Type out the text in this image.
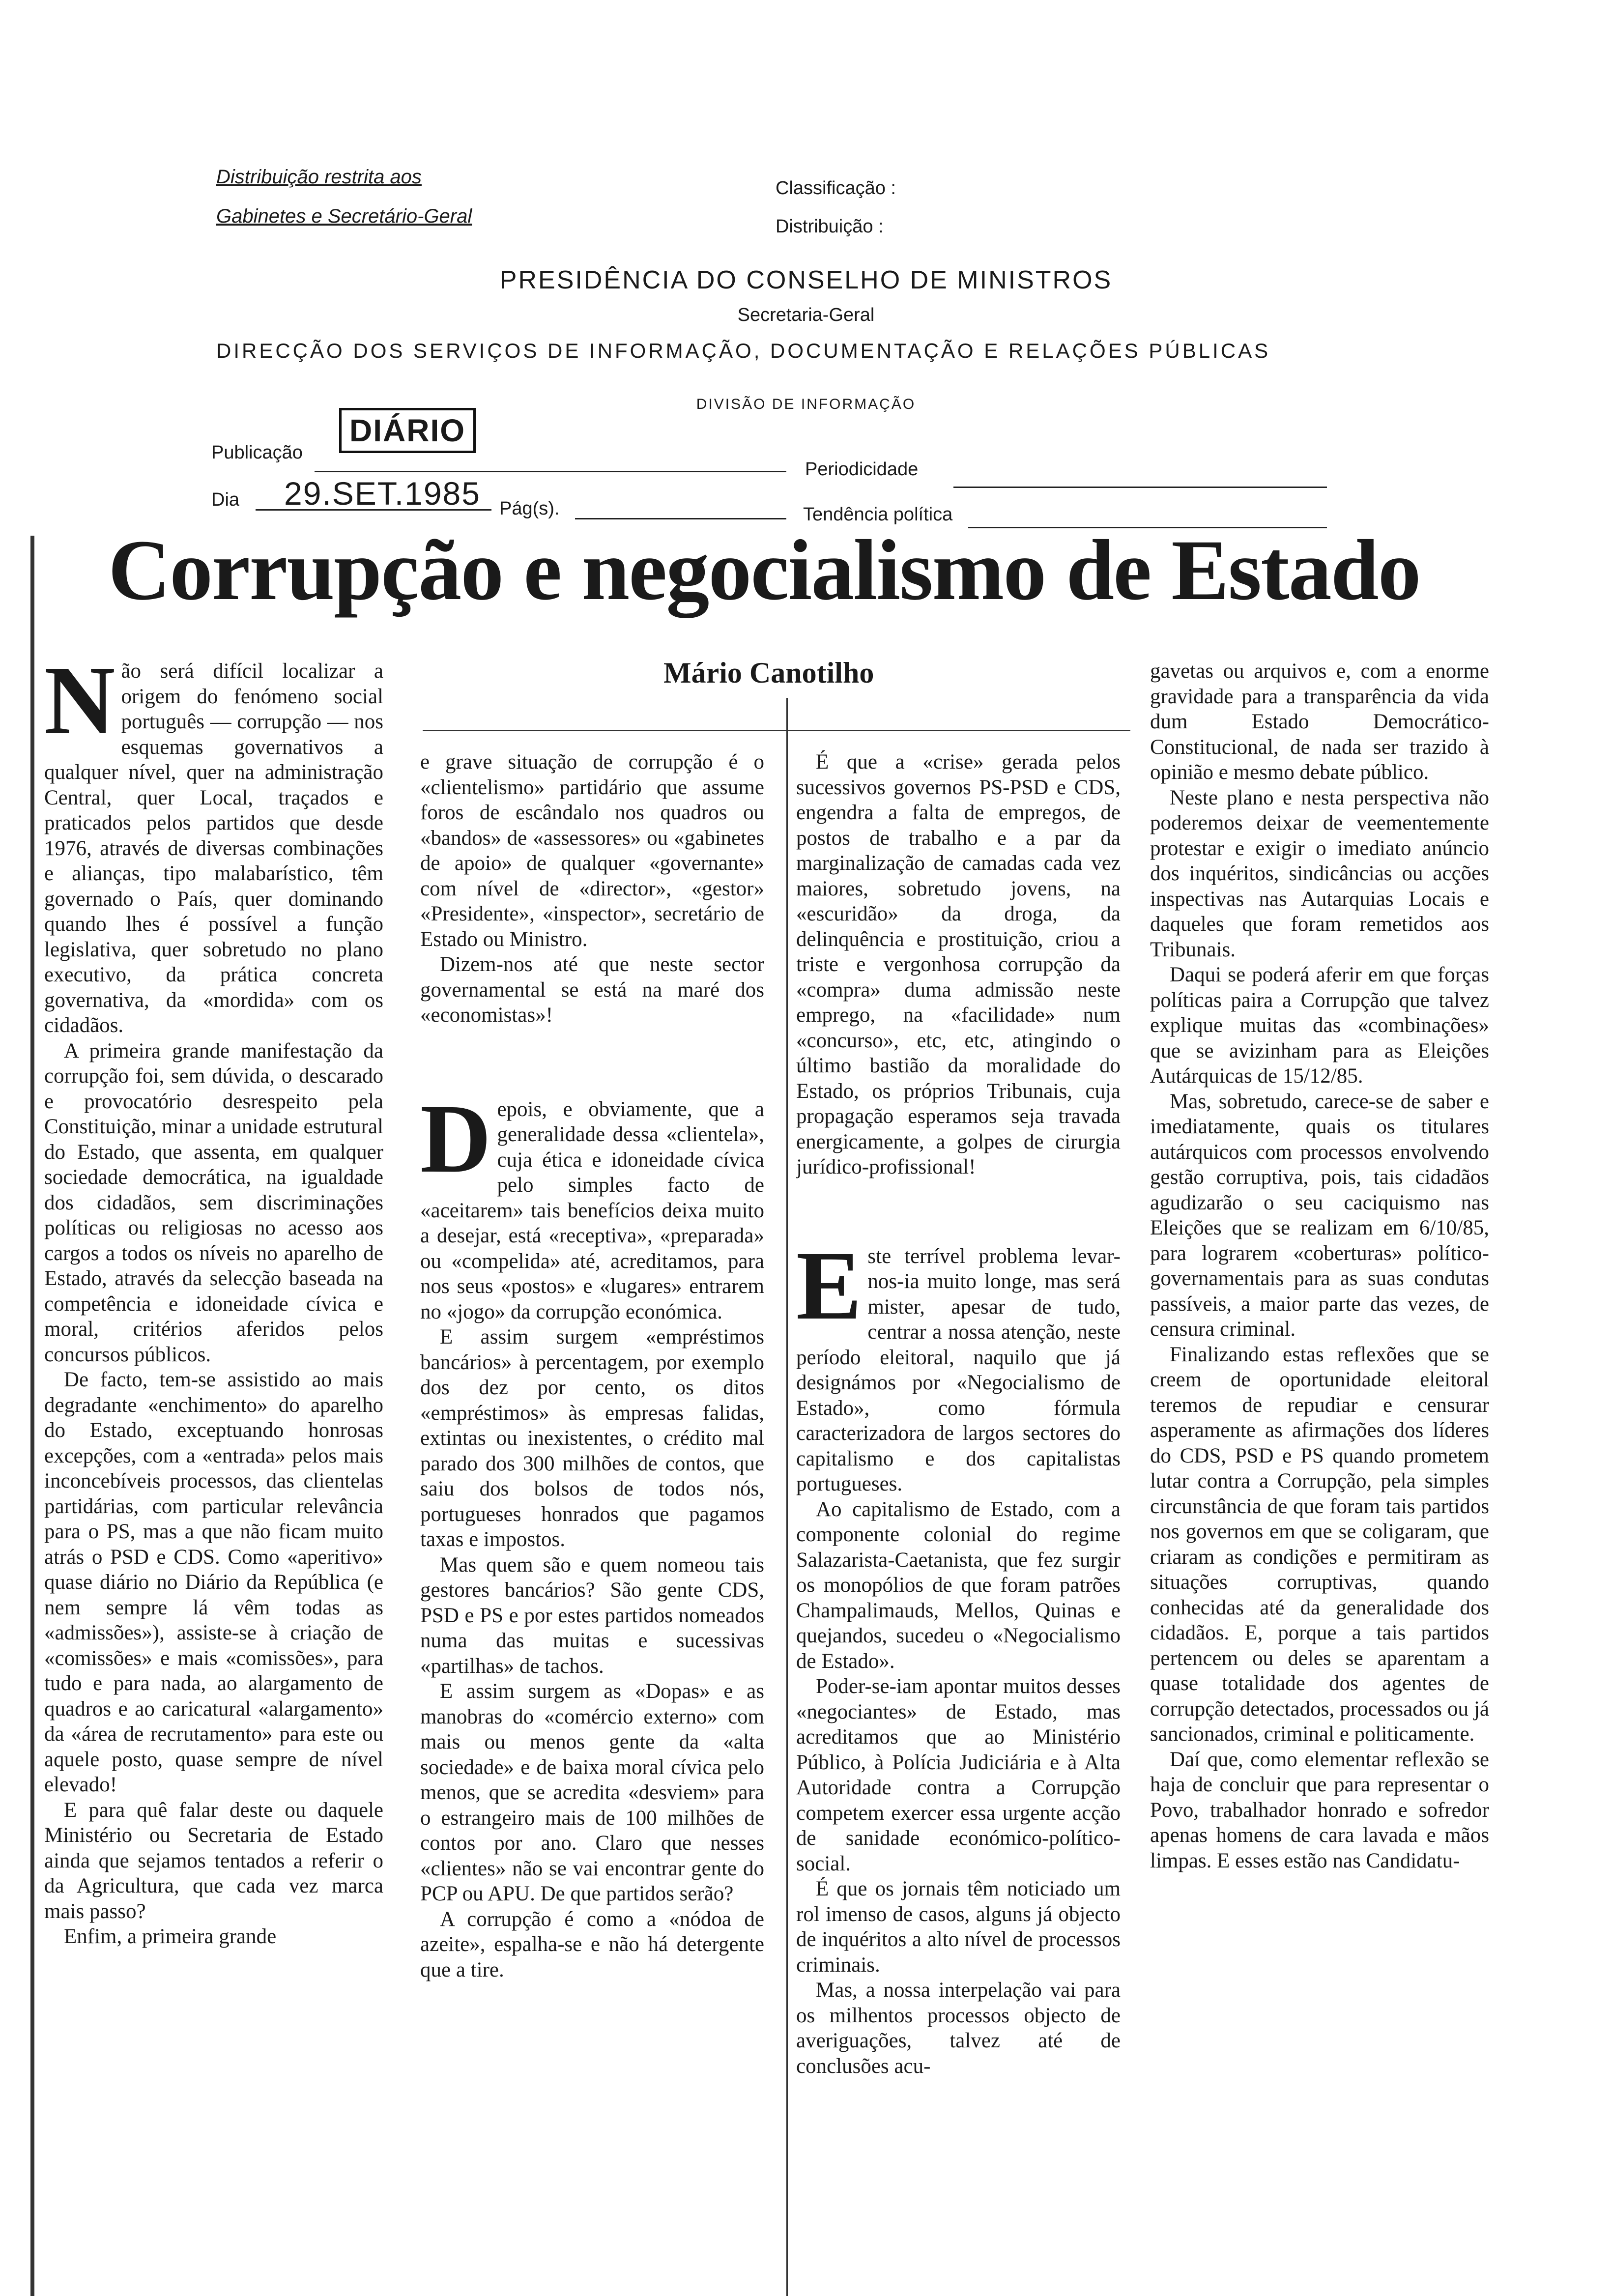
Distribuição restrita aos
Gabinetes e Secretário-Geral
Classificação :
Distribuição :
PRESIDÊNCIA DO CONSELHO DE MINISTROS
Secretaria-Geral
DIRECÇÃO DOS SERVIÇOS DE INFORMAÇÃO, DOCUMENTAÇÃO E RELAÇÕES PÚBLICAS
DIVISÃO DE INFORMAÇÃO
DIÁRIO
Publicação
Periodicidade
Dia 29.SET.1985 Pág(s).	Tendência política
Corrupção e negocialismo de Estado
Mário Canotilho

Não será difícil localizar a origem do fenómeno social português — corrupção — nos esquemas governativos a qualquer nível, quer na administração Central, quer Local, traçados e praticados pelos partidos que desde 1976, através de diversas combinações e alianças, tipo malabarístico, têm governado o País, quer dominando quando lhes é possível a função legislativa, quer sobretudo no plano executivo, da prática concreta governativa, da «mordida» com os cidadãos.

A primeira grande manifestação da corrupção foi, sem dúvida, o descarado e provocatório desrespeito pela Constituição, minar a unidade estrutural do Estado, que assenta, em qualquer sociedade democrática, na igualdade dos cidadãos, sem discriminações políticas ou religiosas no acesso aos cargos a todos os níveis no aparelho de Estado, através da selecção baseada na competência e idoneidade cívica e moral, critérios aferidos pelos concursos públicos.

De facto, tem-se assistido ao mais degradante «enchimento» do aparelho do Estado, exceptuando honrosas excepções, com a «entrada» pelos mais inconcebíveis processos, das clientelas partidárias, com particular relevância para o PS, mas a que não ficam muito atrás o PSD e CDS. Como «aperitivo» quase diário no Diário da República (e nem sempre lá vêm todas as «admissões»), assiste-se à criação de «comissões» e mais «comissões», para tudo e para nada, ao alargamento de quadros e ao caricatural «alargamento» da «área de recrutamento» para este ou aquele posto, quase sempre de nível elevado!

E para quê falar deste ou daquele Ministério ou Secretaria de Estado ainda que sejamos tentados a referir o da Agricultura, que cada vez marca mais passo?

Enfim, a primeira grande

e grave situação de corrupção é o «clientelismo» partidário que assume foros de escândalo nos quadros ou «bandos» de «assessores» ou «gabinetes de apoio» de qualquer «governante» com nível de «director», «gestor» «Presidente», «inspector», secretário de Estado ou Ministro.

Dizem-nos até que neste sector governamental se está na maré dos «economistas»!

Depois, e obviamente, que a generalidade dessa «clientela», cuja ética e idoneidade cívica pelo simples facto de «aceitarem» tais benefícios deixa muito a desejar, está «receptiva», «preparada» ou «compelida» até, acreditamos, para nos seus «postos» e «lugares» entrarem no «jogo» da corrupção económica.

E assim surgem «empréstimos bancários» à percentagem, por exemplo dos dez por cento, os ditos «empréstimos» às empresas falidas, extintas ou inexistentes, o crédito mal parado dos 300 milhões de contos, que saiu dos bolsos de todos nós, portugueses honrados que pagamos taxas e impostos.

Mas quem são e quem nomeou tais gestores bancários? São gente CDS, PSD e PS e por estes partidos nomeados numa das muitas e sucessivas «partilhas» de tachos.

E assim surgem as «Dopas» e as manobras do «comércio externo» com mais ou menos gente da «alta sociedade» e de baixa moral cívica pelo menos, que se acredita «desviem» para o estrangeiro mais de 100 milhões de contos por ano. Claro que nesses «clientes» não se vai encontrar gente do PCP ou APU. De que partidos serão?

A corrupção é como a «nódoa de azeite», espalha-se e não há detergente que a tire.

É que a «crise» gerada pelos sucessivos governos PS-PSD e CDS, engendra a falta de empregos, de postos de trabalho e a par da marginalização de camadas cada vez maiores, sobretudo jovens, na «escuridão» da droga, da delinquência e prostituição, criou a triste e vergonhosa corrupção da «compra» duma admissão neste emprego, na «facilidade» num «concurso», etc, etc, atingindo o último bastião da moralidade do Estado, os próprios Tribunais, cuja propagação esperamos seja travada energicamente, a golpes de cirurgia jurídico-profissional!

Este terrível problema levar-nos-ia muito longe, mas será mister, apesar de tudo, centrar a nossa atenção, neste período eleitoral, naquilo que já designámos por «Negocialismo de Estado», como fórmula caracterizadora de largos sectores do capitalismo e dos capitalistas portugueses.

Ao capitalismo de Estado, com a componente colonial do regime Salazarista-Caetanista, que fez surgir os monopólios de que foram patrões Champalimauds, Mellos, Quinas e quejandos, sucedeu o «Negocialismo de Estado».

Poder-se-iam apontar muitos desses «negociantes» de Estado, mas acreditamos que ao Ministério Público, à Polícia Judiciária e à Alta Autoridade contra a Corrupção competem exercer essa urgente acção de sanidade económico-político-social.

É que os jornais têm noticiado um rol imenso de casos, alguns já objecto de inquéritos a alto nível de processos criminais.

Mas, a nossa interpelação vai para os milhentos processos objecto de averiguações, talvez até de conclusões acu-

gavetas ou arquivos e, com a enorme gravidade para a transparência da vida dum Estado Democrático-Constitucional, de nada ser trazido à opinião e mesmo debate público.

Neste plano e nesta perspectiva não poderemos deixar de veementemente protestar e exigir o imediato anúncio dos inquéritos, sindicâncias ou acções inspectivas nas Autarquias Locais e daqueles que foram remetidos aos Tribunais.

Daqui se poderá aferir em que forças políticas paira a Corrupção que talvez explique muitas das «combinações» que se avizinham para as Eleições Autárquicas de 15/12/85.

Mas, sobretudo, carece-se de saber e imediatamente, quais os titulares autárquicos com processos envolvendo gestão corruptiva, pois, tais cidadãos agudizarão o seu caciquismo nas Eleições que se realizam em 6/10/85, para lograrem «coberturas» político-governamentais para as suas condutas passíveis, a maior parte das vezes, de censura criminal.

Finalizando estas reflexões que se creem de oportunidade eleitoral teremos de repudiar e censurar asperamente as afirmações dos líderes do CDS, PSD e PS quando prometem lutar contra a Corrupção, pela simples circunstância de que foram tais partidos nos governos em que se coligaram, que criaram as condições e permitiram as situações corruptivas, quando conhecidas até da generalidade dos cidadãos. E, porque a tais partidos pertencem ou deles se aparentam a quase totalidade dos agentes de corrupção detectados, processados ou já sancionados, criminal e politicamente.

Daí que, como elementar reflexão se haja de concluir que para representar o Povo, trabalhador honrado e sofredor apenas homens de cara lavada e mãos limpas. E esses estão nas Candidatu-
